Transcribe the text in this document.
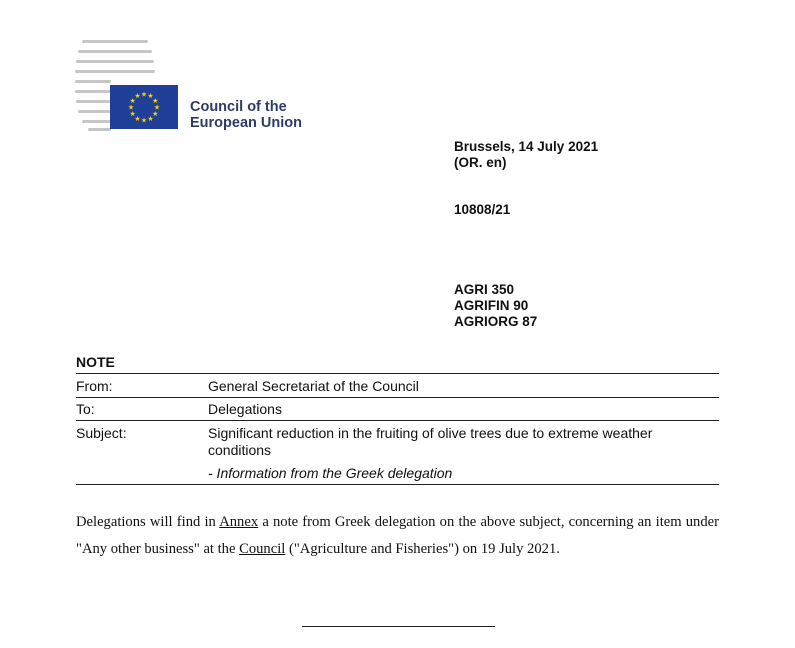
★ ★
★
★
★
★
★
★
★
★
★
★
Council of the
European Union
Brussels, 14 July 2021
(OR. en)
10808/21
AGRI 350
AGRIFIN 90
AGRIORG 87
NOTE
From:	General Secretariat of the Council
To:	Delegations
Subject:	Significant reduction in the fruiting of olive trees due to extreme weather conditions
- Information from the Greek delegation
Delegations will find in Annex a note from Greek delegation on the above subject, concerning an item under "Any other business" at the Council ("Agriculture and Fisheries") on 19 July 2021.
